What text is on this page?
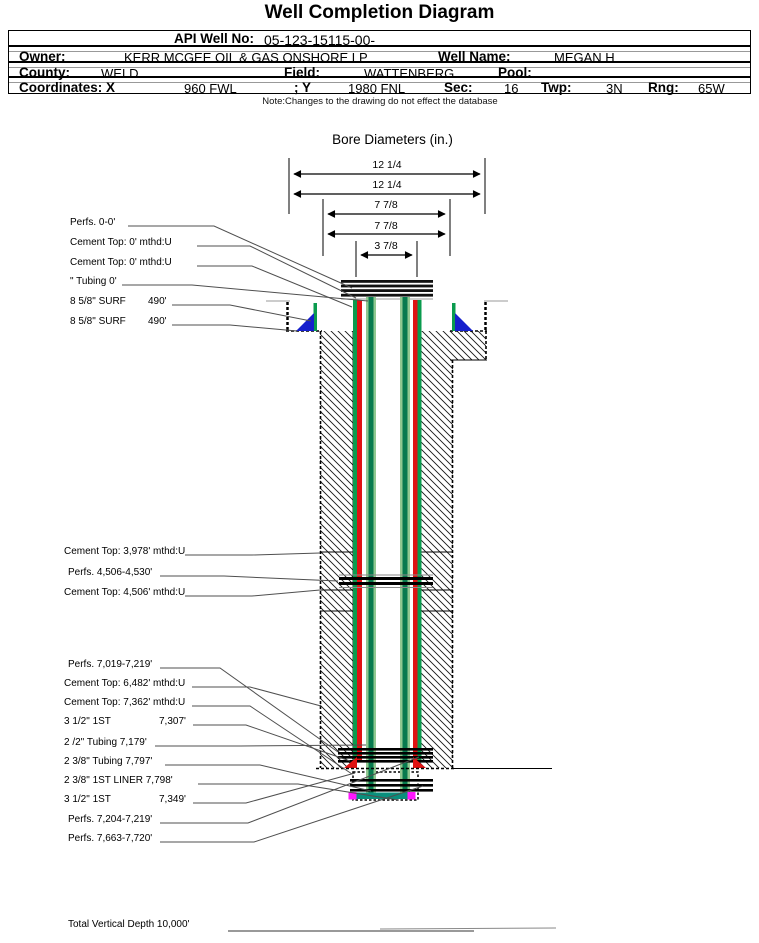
Well Completion Diagram
API Well No: 05-123-15115-00-
Owner:	KERR MCGEE OIL & GAS ONSHORE LP	Well Name:	MEGAN H
County: WELD	Field:	WATTENBERG	Pool:
Coordinates: X	960 FWL	; Y	1980 FNL	Sec: 16 Twp:	3N Rng: 65W
Note:Changes to the drawing do not effect the database
Bore Diameters (in.)
12 1/4
12 1/4
7 7/8
7 7/8
3 7/8
Perfs. 0-0'
Cement Top: 0' mthd:U
Cement Top: 0' mthd:U
" Tubing 0'
8 5/8" SURF 490'
8 5/8" SURF 490'
Cement Top: 3,978' mthd:U
Perfs. 4,506-4,530'
Cement Top: 4,506' mthd:U
Perfs. 7,019-7,219'
Cement Top: 6,482' mthd:U
Cement Top: 7,362' mthd:U
3 1/2" 1ST	7,307'
2 /2" Tubing 7,179'
2 3/8" Tubing 7,797'
2 3/8" 1ST LINER 7,798'
3 1/2" 1ST	7,349'
Perfs. 7,204-7,219'
Perfs. 7,663-7,720'
Total Vertical Depth 10,000'
